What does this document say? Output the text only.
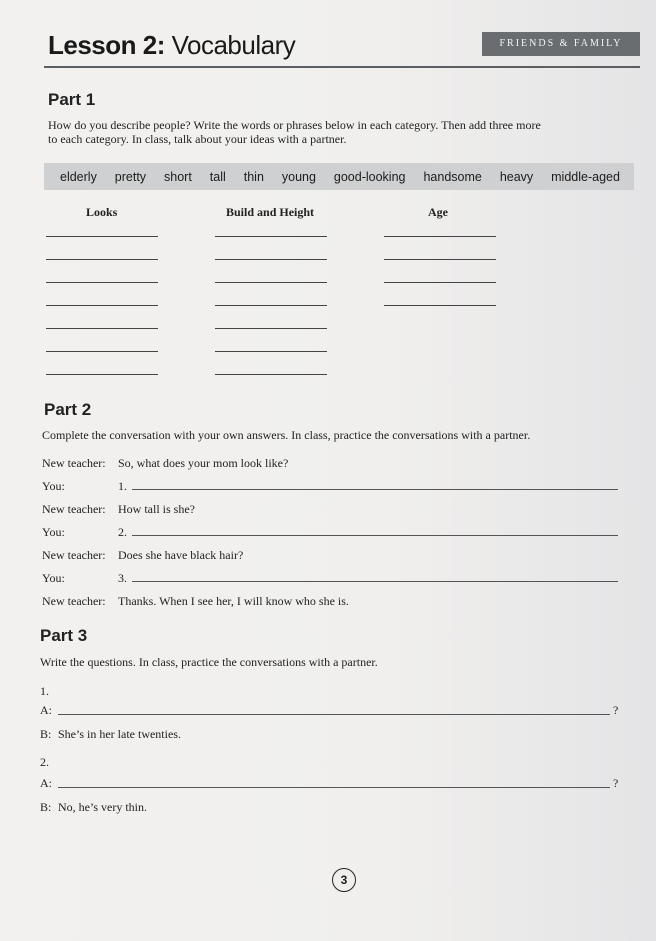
Lesson 2: Vocabulary	FRIENDS & FAMILY
Part 1

How do you describe people? Write the words or phrases below in each category. Then add three more

to each category. In class, talk about your ideas with a partner.

elderly pretty short tall thin young good-looking handsome heavy middle-aged
Looks	Build and Height	Age
Part 2

Complete the conversation with your own answers. In class, practice the conversations with a partner.

New teacher: So, what does your mom look like?
You:	1.
New teacher: How tall is she?
You:	2.
New teacher: Does she have black hair?
You:	3.
New teacher: Thanks. When I see her, I will know who she is.
Part 3

Write the questions. In class, practice the conversations with a partner.

1.
A:	?
B: She’s in her late twenties.
2.
A:	?
B: No, he’s very thin.
3
